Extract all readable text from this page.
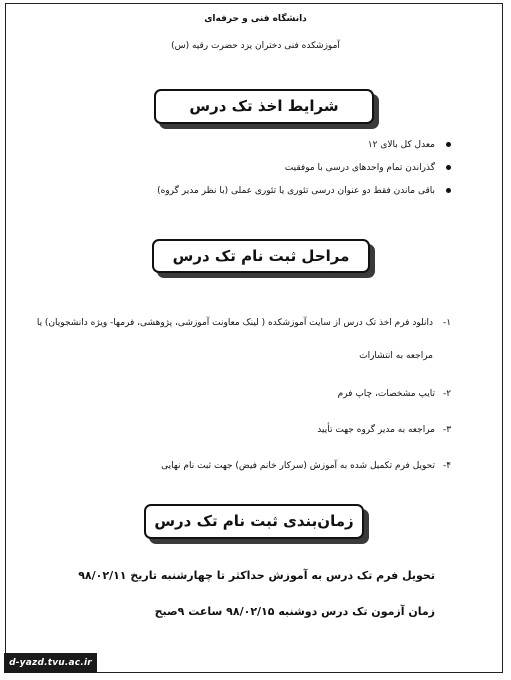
دانشگاه فنی و حرفه‌ای
آموزشکده فنی دختران یزد حضرت رقیه (س)
شرایط اخذ تک درس
معدل کل بالای ۱۲
گذراندن تمام واحدهای درسی با موفقیت
باقی ماندن فقط دو عنوان درسی تئوری یا تئوری عملی (با نظر مدیر گروه)
مراحل ثبت نام تک درس
-۱
دانلود فرم اخذ تک درس از سایت آموزشکده ( لینک معاونت آموزشی، پژوهشی، فرمها- ویژه دانشجویان) یا
مراجعه به انتشارات
-۲
تایپ مشخصات، چاپ فرم
-۳
مراجعه به مدیر گروه جهت تأیید
-۴
تحویل فرم تکمیل شده به آموزش (سرکار خانم فیض) جهت ثبت نام نهایی
زمان‌بندی ثبت نام تک درس
تحویل فرم تک درس به آموزش حداکثر تا چهارشنبه تاریخ ۹۸/۰۲/۱۱
زمان آزمون تک درس دوشنبه ۹۸/۰۲/۱۵ ساعت ۹صبح
d-yazd.tvu.ac.ir
